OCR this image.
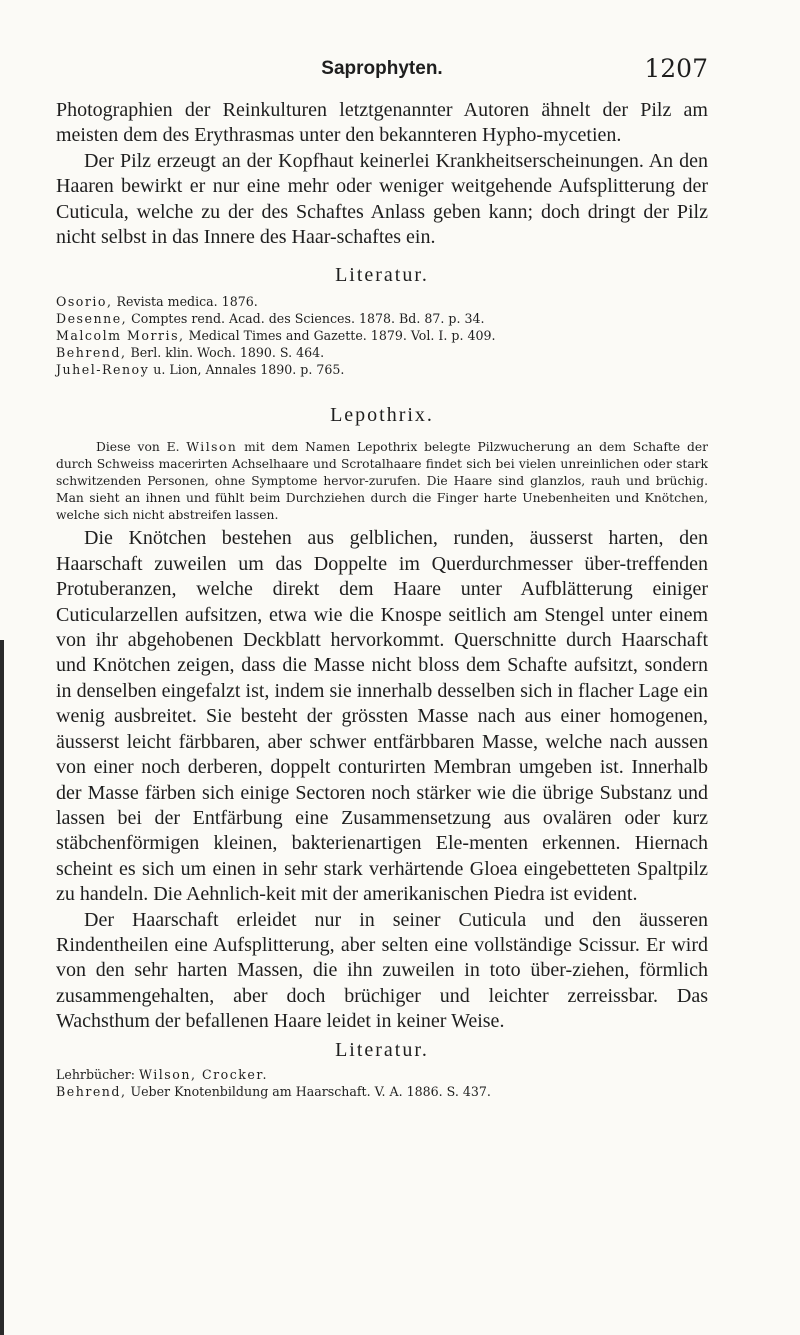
Saprophyten.	1207

Photographien der Reinkulturen letztgenannter Autoren ähnelt der Pilz am meisten dem des Erythrasmas unter den bekannteren Hypho-mycetien.

Der Pilz erzeugt an der Kopfhaut keinerlei Krankheitserscheinungen. An den Haaren bewirkt er nur eine mehr oder weniger weitgehende Aufsplitterung der Cuticula, welche zu der des Schaftes Anlass geben kann; doch dringt der Pilz nicht selbst in das Innere des Haar-schaftes ein.

Literatur.
Osorio, Revista medica. 1876.
Desenne, Comptes rend. Acad. des Sciences. 1878. Bd. 87. p. 34.
Malcolm Morris, Medical Times and Gazette. 1879. Vol. I. p. 409.
Behrend, Berl. klin. Woch. 1890. S. 464.
Juhel-Renoy u. Lion, Annales 1890. p. 765.
Lepothrix.

Diese von E. Wilson mit dem Namen Lepothrix belegte Pilzwucherung an dem Schafte der durch Schweiss macerirten Achselhaare und Scrotalhaare findet sich bei vielen unreinlichen oder stark schwitzenden Personen, ohne Symptome hervor-zurufen. Die Haare sind glanzlos, rauh und brüchig. Man sieht an ihnen und fühlt beim Durchziehen durch die Finger harte Unebenheiten und Knötchen, welche sich nicht abstreifen lassen.

Die Knötchen bestehen aus gelblichen, runden, äusserst harten, den Haarschaft zuweilen um das Doppelte im Querdurchmesser über-treffenden Protuberanzen, welche direkt dem Haare unter Aufblätterung einiger Cuticularzellen aufsitzen, etwa wie die Knospe seitlich am Stengel unter einem von ihr abgehobenen Deckblatt hervorkommt. Querschnitte durch Haarschaft und Knötchen zeigen, dass die Masse nicht bloss dem Schafte aufsitzt, sondern in denselben eingefalzt ist, indem sie innerhalb desselben sich in flacher Lage ein wenig ausbreitet. Sie besteht der grössten Masse nach aus einer homogenen, äusserst leicht färbbaren, aber schwer entfärbbaren Masse, welche nach aussen von einer noch derberen, doppelt conturirten Membran umgeben ist. Innerhalb der Masse färben sich einige Sectoren noch stärker wie die übrige Substanz und lassen bei der Entfärbung eine Zusammensetzung aus ovalären oder kurz stäbchenförmigen kleinen, bakterienartigen Ele-menten erkennen. Hiernach scheint es sich um einen in sehr stark verhärtende Gloea eingebetteten Spaltpilz zu handeln. Die Aehnlich-keit mit der amerikanischen Piedra ist evident.

Der Haarschaft erleidet nur in seiner Cuticula und den äusseren Rindentheilen eine Aufsplitterung, aber selten eine vollständige Scissur. Er wird von den sehr harten Massen, die ihn zuweilen in toto über-ziehen, förmlich zusammengehalten, aber doch brüchiger und leichter zerreissbar. Das Wachsthum der befallenen Haare leidet in keiner Weise.

Literatur.
Lehrbücher: Wilson, Crocker.
Behrend, Ueber Knotenbildung am Haarschaft. V. A. 1886. S. 437.
